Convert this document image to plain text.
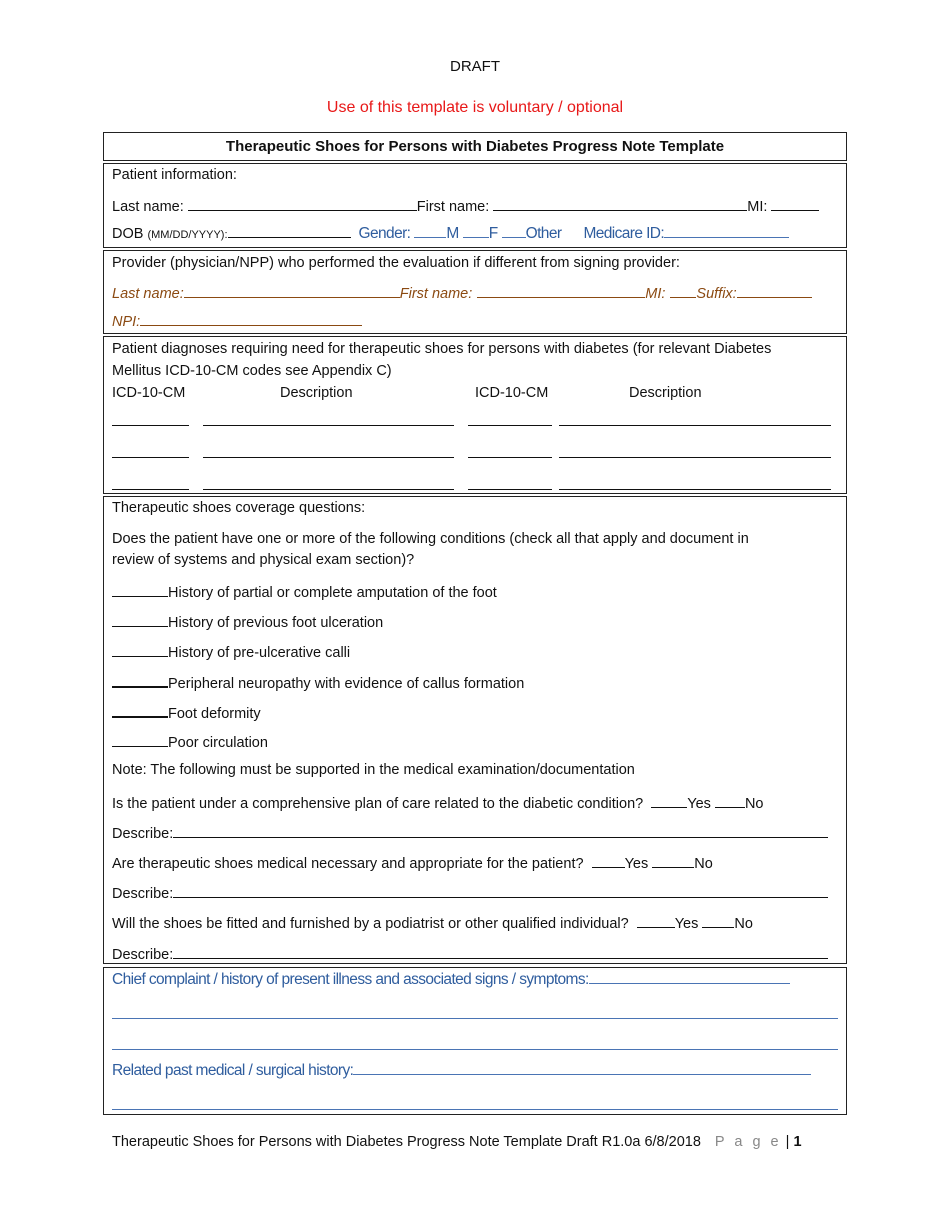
DRAFT
Use of this template is voluntary / optional
Therapeutic Shoes for Persons with Diabetes Progress Note Template
Patient information:
Last name:	First name:	MI:
DOB (MM/DD/YYYY):	Gender: M F Other Medicare ID:
Provider (physician/NPP) who performed the evaluation if different from signing provider:
Last name:	First name:	MI: Suffix:
NPI:
Patient diagnoses requiring need for therapeutic shoes for persons with diabetes (for relevant Diabetes
Mellitus ICD-10-CM codes see Appendix C)
ICD-10-CM	Description	ICD-10-CM	Description
Therapeutic shoes coverage questions:
Does the patient have one or more of the following conditions (check all that apply and document in
review of systems and physical exam section)?
History of partial or complete amputation of the foot
History of previous foot ulceration
History of pre-ulcerative calli
Peripheral neuropathy with evidence of callus formation
Foot deformity
Poor circulation
Note: The following must be supported in the medical examination/documentation
Is the patient under a comprehensive plan of care related to the diabetic condition?	Yes No
Describe:
Are therapeutic shoes medical necessary and appropriate for the patient?	Yes	No
Describe:
Will the shoes be fitted and furnished by a podiatrist or other qualified individual?	Yes No
Describe:
Chief complaint / history of present illness and associated signs / symptoms:
Related past medical / surgical history:
Therapeutic Shoes for Persons with Diabetes Progress Note Template Draft R1.0a 6/8/2018 P a g e | 1
